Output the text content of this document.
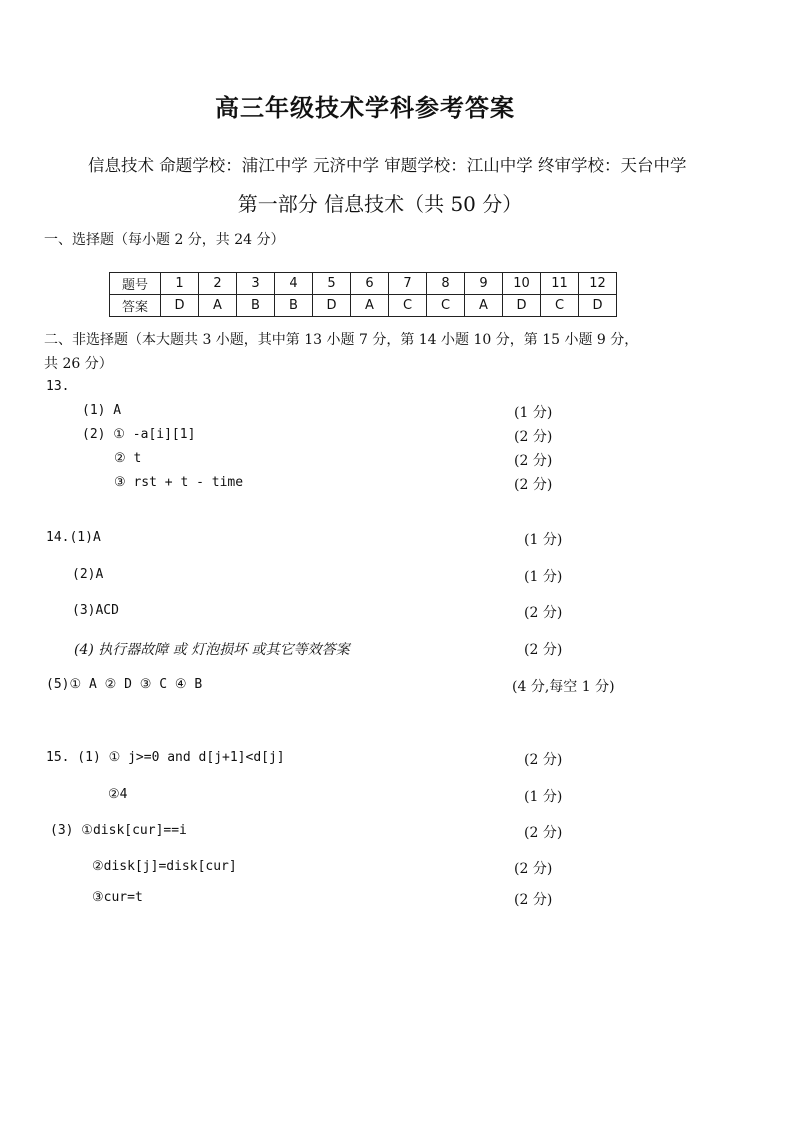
高三年级技术学科参考答案
信息技术 命题学校：浦江中学 元济中学 审题学校：江山中学 终审学校：天台中学
第一部分 信息技术（共 50 分）
一、选择题（每小题 2 分，共 24 分）
题号	1	2	3	4	5	6	7	8	9	10	11	12
答案	D	A	B	B	D	A	C	C	A	D	C	D
二、非选择题（本大题共 3 小题，其中第 13 小题 7 分，第 14 小题 10 分，第 15 小题 9 分，
共 26 分）
13.
(1) A	(1 分)
(2) ① -a[i][1]	(2 分)
② t	(2 分)
③ rst + t - time	(2 分)
14.(1)A	(1 分)
(2)A	(1 分)
(3)ACD	(2 分)
(4) 执行器故障 或 灯泡损坏 或其它等效答案	(2 分)
(5)① A ② D ③ C ④ B	(4 分,每空 1 分)
15. (1) ① j>=0 and d[j+1]<d[j]	(2 分)
②4	(1 分)
(3) ①disk[cur]==i	(2 分)
②disk[j]=disk[cur]	(2 分)
③cur=t	(2 分)
